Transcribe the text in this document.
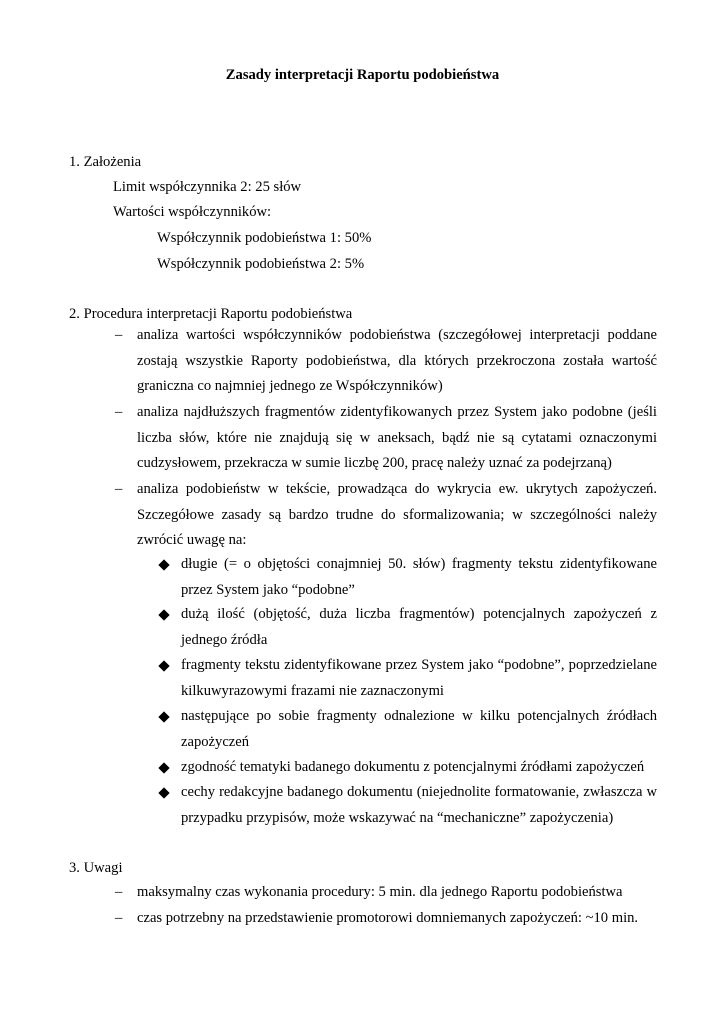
Zasady interpretacji Raportu podobieństwa
1. Założenia
Limit współczynnika 2: 25 słów
Wartości współczynników:
Współczynnik podobieństwa 1: 50%
Współczynnik podobieństwa 2: 5%
2. Procedura interpretacji Raportu podobieństwa
– analiza wartości współczynników podobieństwa (szczegółowej interpretacji poddane zostają wszystkie Raporty podobieństwa, dla których przekroczona została wartość graniczna co najmniej jednego ze Współczynników)
– analiza najdłuższych fragmentów zidentyfikowanych przez System jako podobne (jeśli liczba słów, które nie znajdują się w aneksach, bądź nie są cytatami oznaczonymi cudzysłowem, przekracza w sumie liczbę 200, pracę należy uznać za podejrzaną)
– analiza podobieństw w tekście, prowadząca do wykrycia ew. ukrytych zapożyczeń. Szczegółowe zasady są bardzo trudne do sformalizowania; w szczególności należy zwrócić uwagę na:
długie (= o objętości conajmniej 50. słów) fragmenty tekstu zidentyfikowane przez System jako “podobne”
dużą ilość (objętość, duża liczba fragmentów) potencjalnych zapożyczeń z jednego źródła
fragmenty tekstu zidentyfikowane przez System jako “podobne”, poprzedzielane kilkuwyrazowymi frazami nie zaznaczonymi
następujące po sobie fragmenty odnalezione w kilku potencjalnych źródłach zapożyczeń
zgodność tematyki badanego dokumentu z potencjalnymi źródłami zapożyczeń
cechy redakcyjne badanego dokumentu (niejednolite formatowanie, zwłaszcza w przypadku przypisów, może wskazywać na “mechaniczne” zapożyczenia)
3. Uwagi
– maksymalny czas wykonania procedury: 5 min. dla jednego Raportu podobieństwa
– czas potrzebny na przedstawienie promotorowi domniemanych zapożyczeń: ~10 min.
